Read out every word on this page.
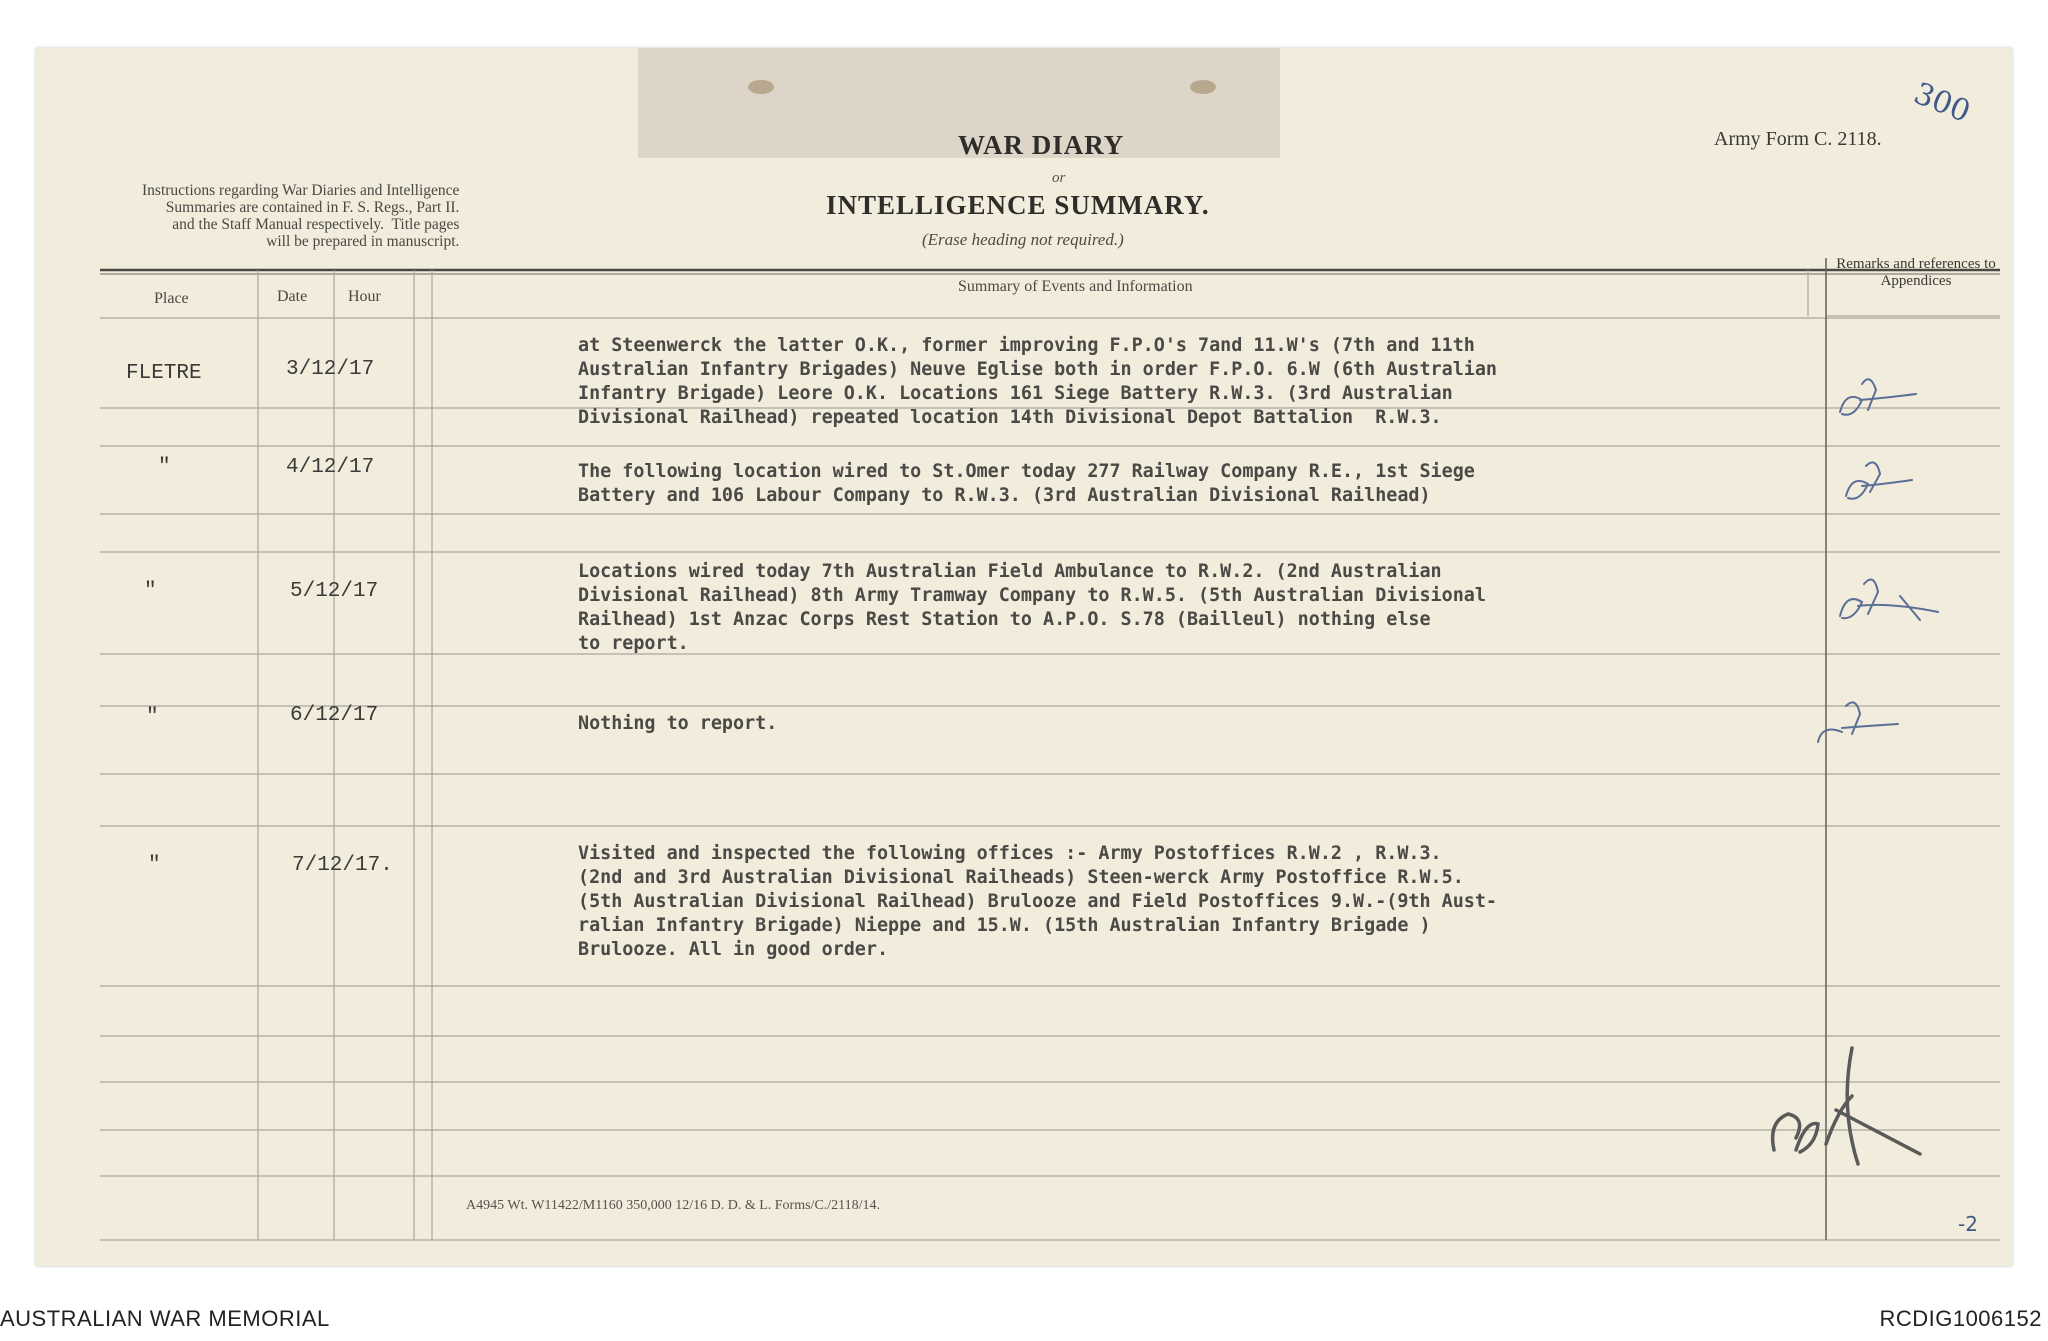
WAR DIARY
or
INTELLIGENCE SUMMARY.
(Erase heading not required.)
Army Form C. 2118.
300
Instructions regarding War Diaries and Intelligence
Summaries are contained in F. S. Regs., Part II.
and the Staff Manual respectively.  Title pages
will be prepared in manuscript.
Place	Date	Hour
Summary of Events and Information
Remarks and references to Appendices
FLETRE	3/12/17
at Steenwerck the latter O.K., former improving F.P.O's 7and 11.W's (7th and 11th
Australian Infantry Brigades) Neuve Eglise both in order F.P.O. 6.W (6th Australian
Infantry Brigade) Leore O.K. Locations 161 Siege Battery R.W.3. (3rd Australian
Divisional Railhead) repeated location 14th Divisional Depot Battalion  R.W.3.
"	4/12/17	The following location wired to St.Omer today 277 Railway Company R.E., 1st Siege
Battery and 106 Labour Company to R.W.3. (3rd Australian Divisional Railhead)
"	5/12/17
Locations wired today 7th Australian Field Ambulance to R.W.2. (2nd Australian
Divisional Railhead) 8th Army Tramway Company to R.W.5. (5th Australian Divisional
Railhead) 1st Anzac Corps Rest Station to A.P.O. S.78 (Bailleul) nothing else
to report.
"	6/12/17	Nothing to report.
"	7/12/17.
Visited and inspected the following offices :- Army Postoffices R.W.2 , R.W.3.
(2nd and 3rd Australian Divisional Railheads) Steen-werck Army Postoffice R.W.5.
(5th Australian Divisional Railhead) Brulooze and Field Postoffices 9.W.-(9th Aust-
ralian Infantry Brigade) Nieppe and 15.W. (15th Australian Infantry Brigade )
Brulooze. All in good order.
A4945 Wt. W11422/M1160 350,000 12/16 D. D. & L. Forms/C./2118/14.
-2
AUSTRALIAN WAR MEMORIAL	RCDIG1006152
